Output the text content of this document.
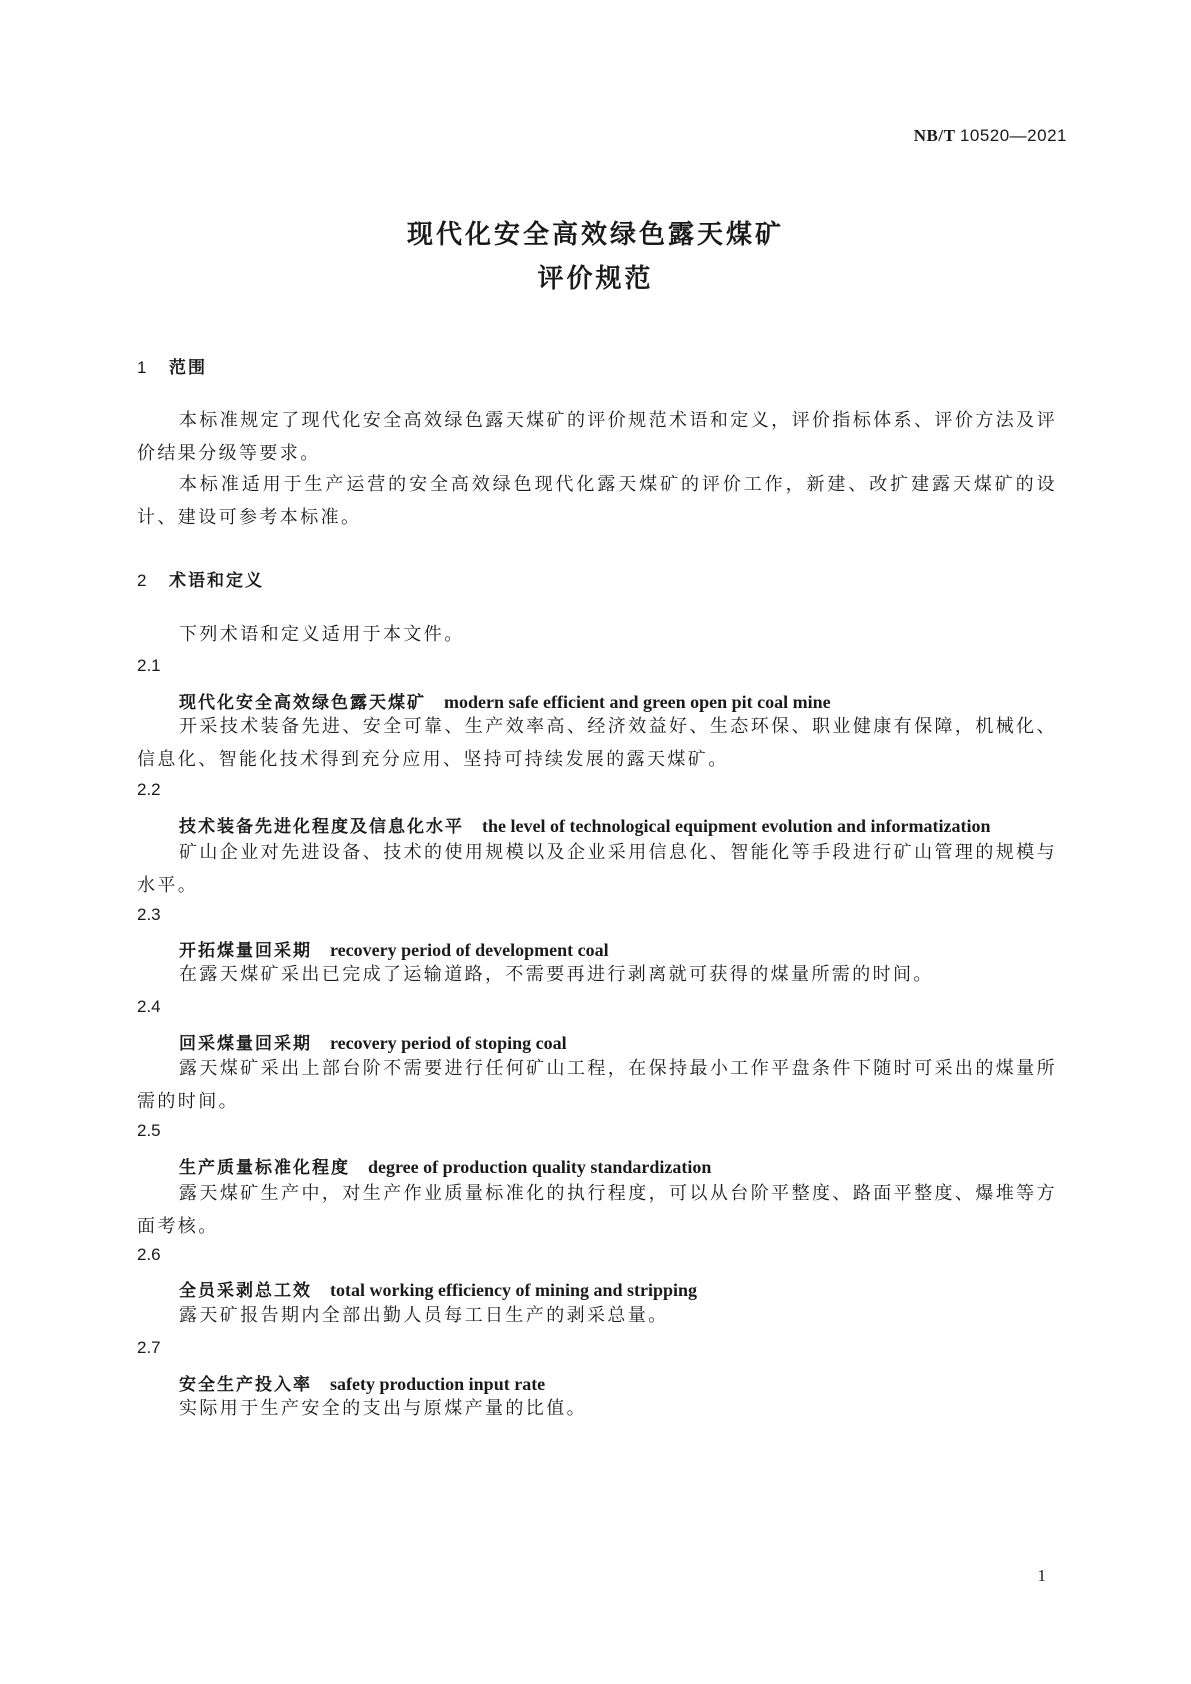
NB/T 10520—2021
现代化安全高效绿色露天煤矿
评价规范
1 范围
本标准规定了现代化安全高效绿色露天煤矿的评价规范术语和定义，评价指标体系、评价方法及评价结果分级等要求。
本标准适用于生产运营的安全高效绿色现代化露天煤矿的评价工作，新建、改扩建露天煤矿的设计、建设可参考本标准。
2 术语和定义
下列术语和定义适用于本文件。
2.1
现代化安全高效绿色露天煤矿 modern safe efficient and green open pit coal mine
开采技术装备先进、安全可靠、生产效率高、经济效益好、生态环保、职业健康有保障，机械化、信息化、智能化技术得到充分应用、坚持可持续发展的露天煤矿。
2.2
技术装备先进化程度及信息化水平 the level of technological equipment evolution and informatization
矿山企业对先进设备、技术的使用规模以及企业采用信息化、智能化等手段进行矿山管理的规模与水平。
2.3
开拓煤量回采期 recovery period of development coal
在露天煤矿采出已完成了运输道路，不需要再进行剥离就可获得的煤量所需的时间。
2.4
回采煤量回采期 recovery period of stoping coal
露天煤矿采出上部台阶不需要进行任何矿山工程，在保持最小工作平盘条件下随时可采出的煤量所需的时间。
2.5
生产质量标准化程度 degree of production quality standardization
露天煤矿生产中，对生产作业质量标准化的执行程度，可以从台阶平整度、路面平整度、爆堆等方面考核。
2.6
全员采剥总工效 total working efficiency of mining and stripping
露天矿报告期内全部出勤人员每工日生产的剥采总量。
2.7
安全生产投入率 safety production input rate
实际用于生产安全的支出与原煤产量的比值。
1
